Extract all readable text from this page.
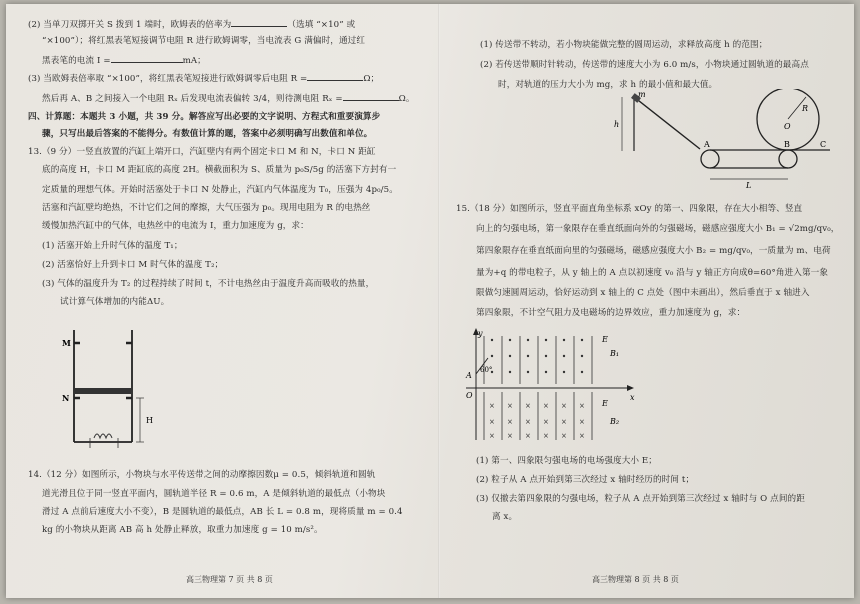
(2) 当单刀双掷开关 S 拨到 1 端时，欧姆表的倍率为	（选填 “×10” 或
“×100”）；将红黑表笔短接调节电阻 R 进行欧姆调零，当电流表 G 满偏时，通过红
黑表笔的电流 I =	mA；
(3) 当欧姆表倍率取 “×100”，将红黑表笔短接进行欧姆调零后电阻 R =	Ω；
然后再 A、B 之间接入一个电阻 Rₓ 后发现电流表偏转 3/4，则待测电阻 Rₓ =	Ω。
四、计算题：本题共 3 小题，共 39 分。解答应写出必要的文字说明、方程式和重要演算步
骤，只写出最后答案的不能得分。有数值计算的题，答案中必须明确写出数值和单位。
13.（9 分）一竖直放置的汽缸上端开口，汽缸壁内有两个固定卡口 M 和 N，卡口 N 距缸
底的高度 H，卡口 M 距缸底的高度 2H。横截面积为 S、质量为 p₀S/5g 的活塞下方封有一
定质量的理想气体。开始时活塞处于卡口 N 处静止，汽缸内气体温度为 T₀，压强为 4p₀/5。
活塞和汽缸壁均绝热，不计它们之间的摩擦，大气压强为 p₀。现用电阻为 R 的电热丝
缓慢加热汽缸中的气体，电热丝中的电流为 I，重力加速度为 g，求：
(1) 活塞开始上升时气体的温度 T₁；
(2) 活塞恰好上升到卡口 M 时气体的温度 T₂；
(3) 气体的温度升为 T₂ 的过程持续了时间 t，不计电热丝由于温度升高而吸收的热量，
试计算气体增加的内能ΔU。
M
N
H
14.（12 分）如图所示，小物块与水平传送带之间的动摩擦因数μ = 0.5，倾斜轨道和圆轨
道光滑且位于同一竖直平面内，圆轨道半径 R = 0.6 m，A 是倾斜轨道的最低点（小物块
滑过 A 点前后速度大小不变），B 是圆轨道的最低点，AB 长 L = 0.8 m，现将质量 m = 0.4
kg 的小物块从距离 AB 高 h 处静止释放，取重力加速度 g = 10 m/s²。
高三物理第 7 页 共 8 页
(1) 传送带不转动，若小物块能做完整的圆周运动，求释放高度 h 的范围；
(2) 若传送带顺时针转动，传送带的速度大小为 6.0 m/s，小物块通过圆轨道的最高点
时，对轨道的压力大小为 mg，求 h 的最小值和最大值。
m
h
R
O
A	B	C
L
15.（18 分）如图所示，竖直平面直角坐标系 xOy 的第一、四象限，存在大小相等、竖直
向上的匀强电场，第一象限存在垂直纸面向外的匀强磁场，磁感应强度大小 B₁ = √2mg/qv₀，
第四象限存在垂直纸面向里的匀强磁场，磁感应强度大小 B₂ = mg/qv₀，一质量为 m、电荷
量为+q 的带电粒子，从 y 轴上的 A 点以初速度 v₀ 沿与 y 轴正方向成θ=60°角进入第一象
限做匀速圆周运动，恰好运动到 x 轴上的 C 点处（图中未画出），然后垂直于 x 轴进入
第四象限，不计空气阻力及电磁场的边界效应，重力加速度为 g，求：
× × × × × ×
× × × × × ×
× × × × × ×
y
E
B₁
A
60°
O	x
E
B₂
(1) 第一、四象限匀强电场的电场强度大小 E；
(2) 粒子从 A 点开始到第三次经过 x 轴时经历的时间 t；
(3) 仅撤去第四象限的匀强电场，粒子从 A 点开始到第三次经过 x 轴时与 O 点间的距
离 x。
高三物理第 8 页 共 8 页
